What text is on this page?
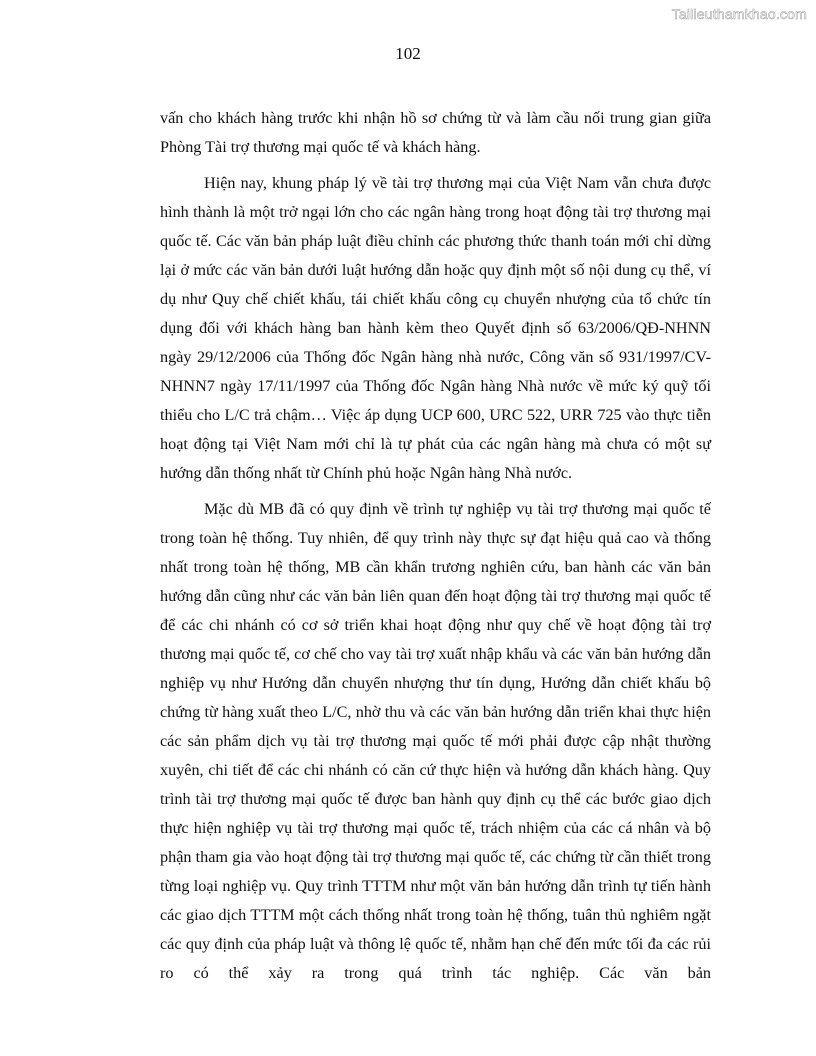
Tailieuthamkhao.com
102

vấn cho khách hàng trước khi nhận hồ sơ chứng từ và làm cầu nối trung gian giữa Phòng Tài trợ thương mại quốc tế và khách hàng.

Hiện nay, khung pháp lý về tài trợ thương mại của Việt Nam vẫn chưa được hình thành là một trở ngại lớn cho các ngân hàng trong hoạt động tài trợ thương mại quốc tế. Các văn bản pháp luật điều chỉnh các phương thức thanh toán mới chỉ dừng lại ở mức các văn bản dưới luật hướng dẫn hoặc quy định một số nội dung cụ thể, ví dụ như Quy chế chiết khấu, tái chiết khấu công cụ chuyển nhượng của tổ chức tín dụng đối với khách hàng ban hành kèm theo Quyết định số 63/2006/QĐ-NHNN ngày 29/12/2006 của Thống đốc Ngân hàng nhà nước, Công văn số 931/1997/CV-NHNN7 ngày 17/11/1997 của Thống đốc Ngân hàng Nhà nước về mức ký quỹ tối thiểu cho L/C trả chậm… Việc áp dụng UCP 600, URC 522, URR 725 vào thực tiễn hoạt động tại Việt Nam mới chỉ là tự phát của các ngân hàng mà chưa có một sự hướng dẫn thống nhất từ Chính phủ hoặc Ngân hàng Nhà nước.

Mặc dù MB đã có quy định về trình tự nghiệp vụ tài trợ thương mại quốc tế trong toàn hệ thống. Tuy nhiên, để quy trình này thực sự đạt hiệu quả cao và thống nhất trong toàn hệ thống, MB cần khẩn trương nghiên cứu, ban hành các văn bản hướng dẫn cũng như các văn bản liên quan đến hoạt động tài trợ thương mại quốc tế để các chi nhánh có cơ sở triển khai hoạt động như quy chế về hoạt động tài trợ thương mại quốc tế, cơ chế cho vay tài trợ xuất nhập khẩu và các văn bản hướng dẫn nghiệp vụ như Hướng dẫn chuyển nhượng thư tín dụng, Hướng dẫn chiết khấu bộ chứng từ hàng xuất theo L/C, nhờ thu và các văn bản hướng dẫn triển khai thực hiện các sản phẩm dịch vụ tài trợ thương mại quốc tế mới phải được cập nhật thường xuyên, chi tiết để các chi nhánh có căn cứ thực hiện và hướng dẫn khách hàng. Quy trình tài trợ thương mại quốc tế được ban hành quy định cụ thể các bước giao dịch thực hiện nghiệp vụ tài trợ thương mại quốc tế, trách nhiệm của các cá nhân và bộ phận tham gia vào hoạt động tài trợ thương mại quốc tế, các chứng từ cần thiết trong từng loại nghiệp vụ. Quy trình TTTM như một văn bản hướng dẫn trình tự tiến hành các giao dịch TTTM một cách thống nhất trong toàn hệ thống, tuân thủ nghiêm ngặt các quy định của pháp luật và thông lệ quốc tế, nhằm hạn chế đến mức tối đa các rủi ro có thể xảy ra trong quá trình tác nghiệp. Các văn bản
